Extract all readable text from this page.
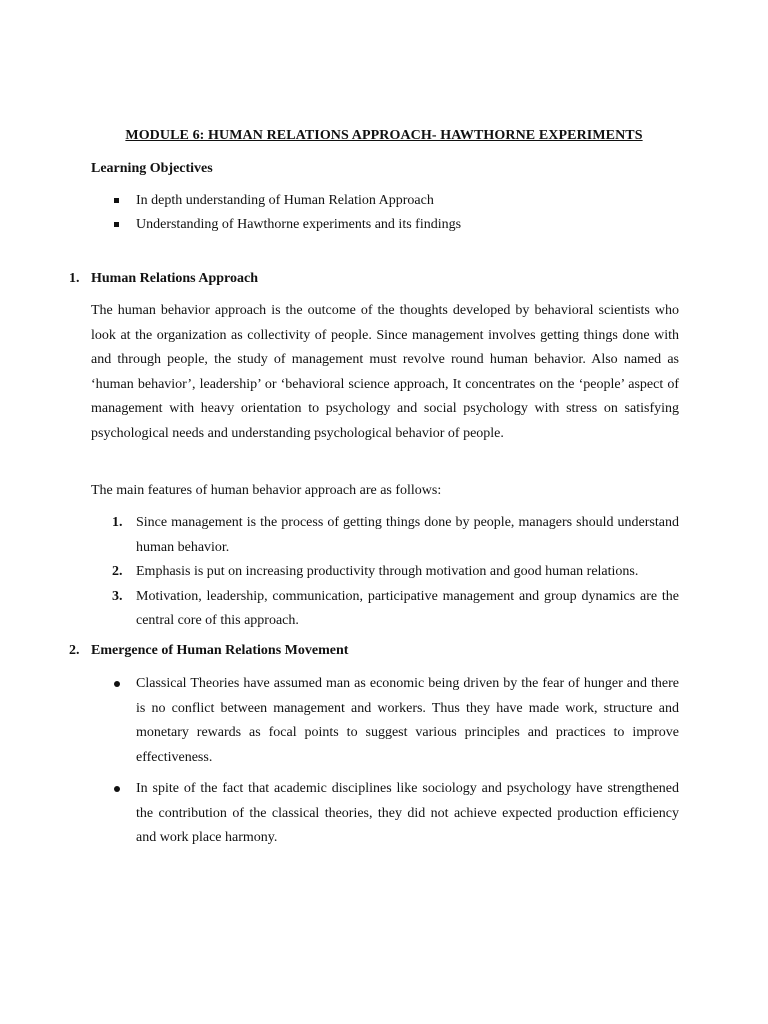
MODULE 6: HUMAN RELATIONS APPROACH- HAWTHORNE EXPERIMENTS
Learning Objectives
In depth understanding of Human Relation Approach
Understanding of Hawthorne experiments and its findings
1. Human Relations Approach

The human behavior approach is the outcome of the thoughts developed by behavioral scientists who look at the organization as collectivity of people. Since management involves getting things done with and through people, the study of management must revolve round human behavior. Also named as ‘human behavior’, leadership’ or ‘behavioral science approach, It concentrates on the ‘people’ aspect of management with heavy orientation to psychology and social psychology with stress on satisfying psychological needs and understanding psychological behavior of people.

The main features of human behavior approach are as follows:

1. Since management is the process of getting things done by people, managers should understand human behavior.
2. Emphasis is put on increasing productivity through motivation and good human relations.
3. Motivation, leadership, communication, participative management and group dynamics are the central core of this approach.
2. Emergence of Human Relations Movement
Classical Theories have assumed man as economic being driven by the fear of hunger and there is no conflict between management and workers. Thus they have made work, structure and monetary rewards as focal points to suggest various principles and practices to improve effectiveness.
In spite of the fact that academic disciplines like sociology and psychology have strengthened the contribution of the classical theories, they did not achieve expected production efficiency and work place harmony.
